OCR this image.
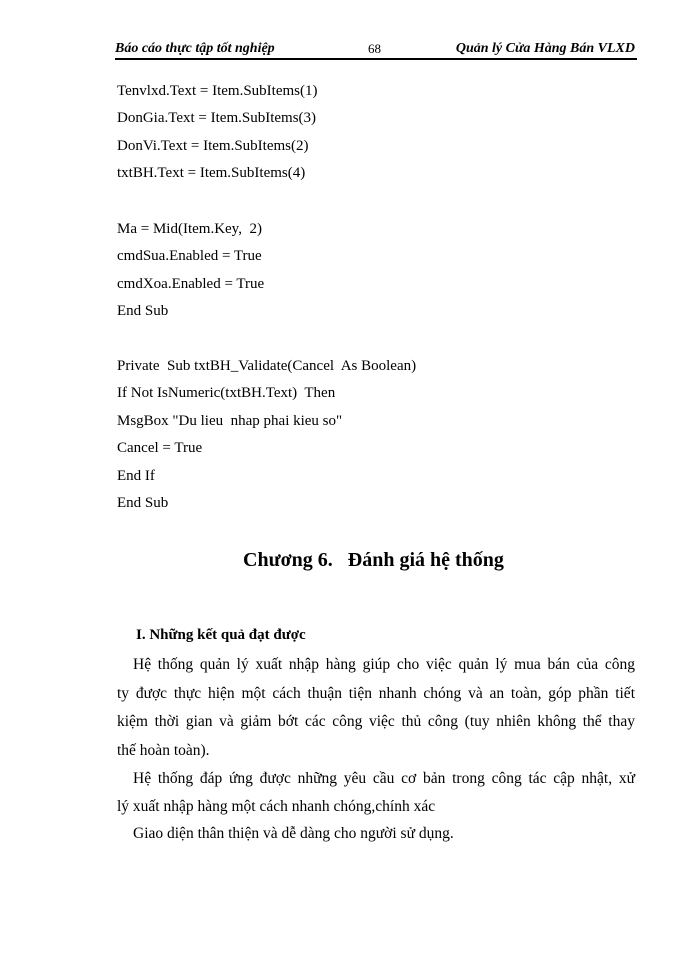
Báo cáo thực tập tốt nghiệp	68	Quản lý Cửa Hàng Bán VLXD
Tenvlxd.Text = Item.SubItems(1)
DonGia.Text = Item.SubItems(3)
DonVi.Text = Item.SubItems(2)
txtBH.Text = Item.SubItems(4)
Ma = Mid(Item.Key,  2)
cmdSua.Enabled = True
cmdXoa.Enabled = True
End Sub
Private  Sub txtBH_Validate(Cancel  As Boolean)
If Not IsNumeric(txtBH.Text)  Then
MsgBox "Du lieu  nhap phai kieu so"
Cancel = True
End If
End Sub
Chương 6.   Đánh giá hệ thống
I. Những kết quả đạt được
Hệ thống quản lý xuất nhập hàng giúp cho việc quản lý mua bán của công
ty được thực hiện một cách thuận tiện nhanh chóng và an toàn, góp phần tiết
kiệm thời gian và giảm bớt các công việc thủ công (tuy nhiên không thể thay
thế hoàn toàn).
Hệ thống đáp ứng được những yêu cầu cơ bản trong công tác cập nhật, xử
lý xuất nhập hàng một cách nhanh chóng,chính xác
Giao diện thân thiện và dễ dàng cho người sử dụng.
